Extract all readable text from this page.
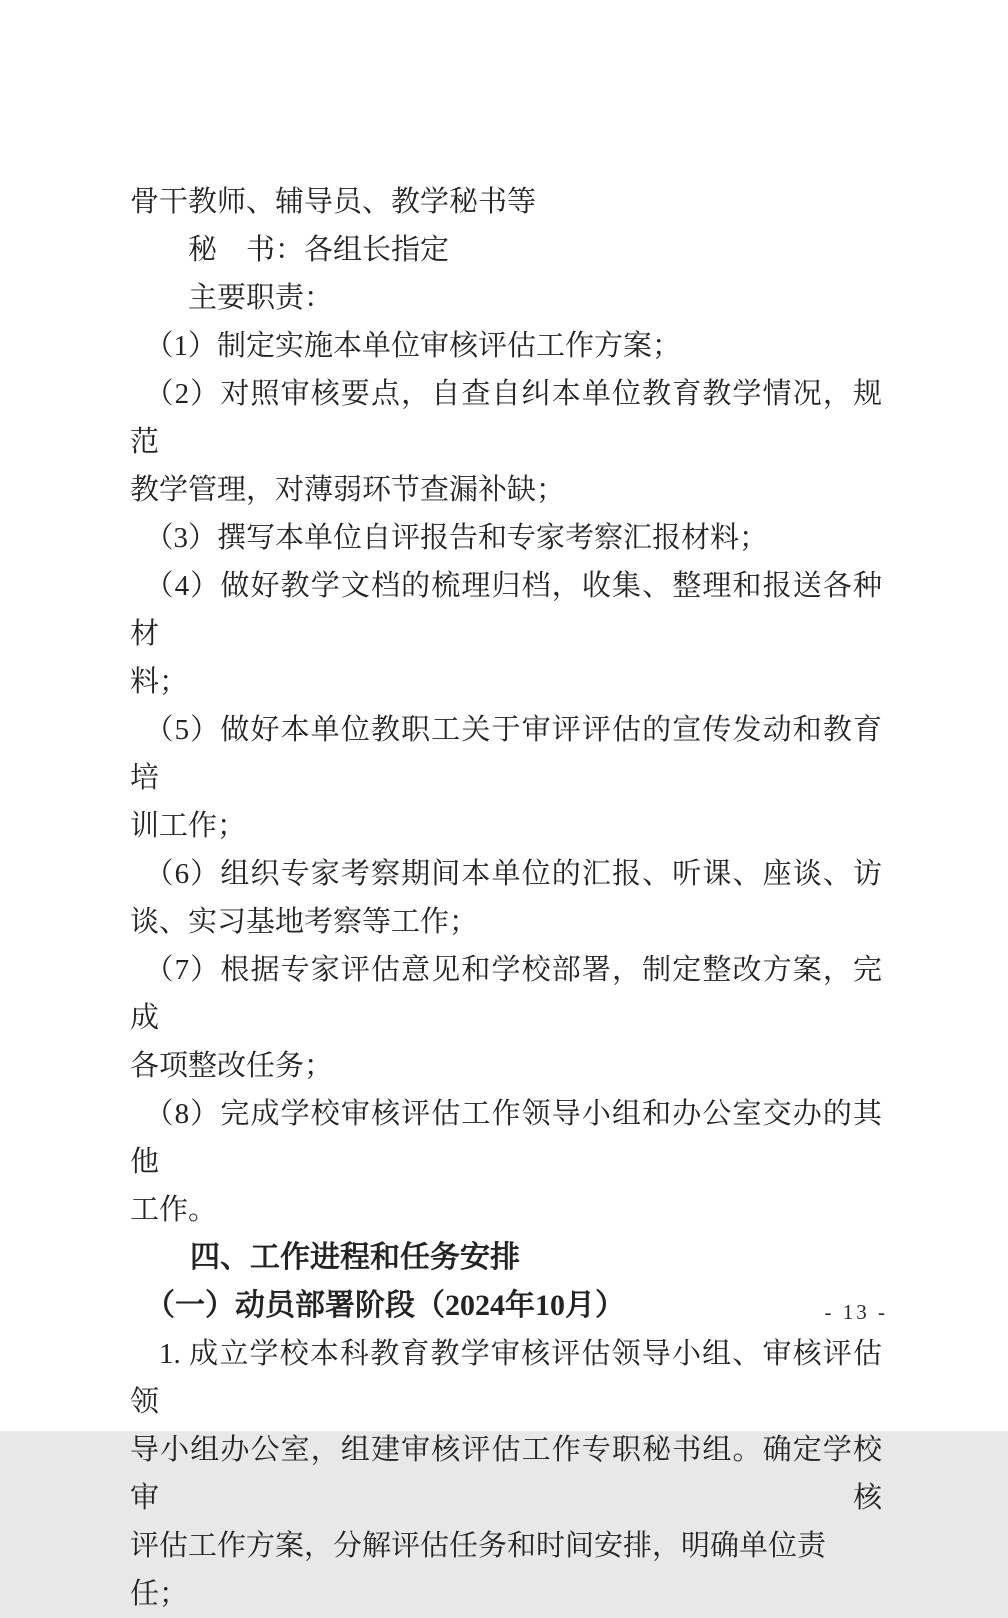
骨干教师、辅导员、教学秘书等
秘　书：各组长指定
主要职责：
（1）制定实施本单位审核评估工作方案；
（2）对照审核要点，自查自纠本单位教育教学情况，规范
教学管理，对薄弱环节查漏补缺；
（3）撰写本单位自评报告和专家考察汇报材料；
（4）做好教学文档的梳理归档，收集、整理和报送各种材
料；
（5）做好本单位教职工关于审评评估的宣传发动和教育培
训工作；
（6）组织专家考察期间本单位的汇报、听课、座谈、访
谈、实习基地考察等工作；
（7）根据专家评估意见和学校部署，制定整改方案，完成
各项整改任务；
（8）完成学校审核评估工作领导小组和办公室交办的其他
工作。
四、工作进程和任务安排
（一）动员部署阶段（2024年10月）
1. 成立学校本科教育教学审核评估领导小组、审核评估领
导小组办公室，组建审核评估工作专职秘书组。确定学校审核
评估工作方案，分解评估任务和时间安排，明确单位责任；
- 13 -
